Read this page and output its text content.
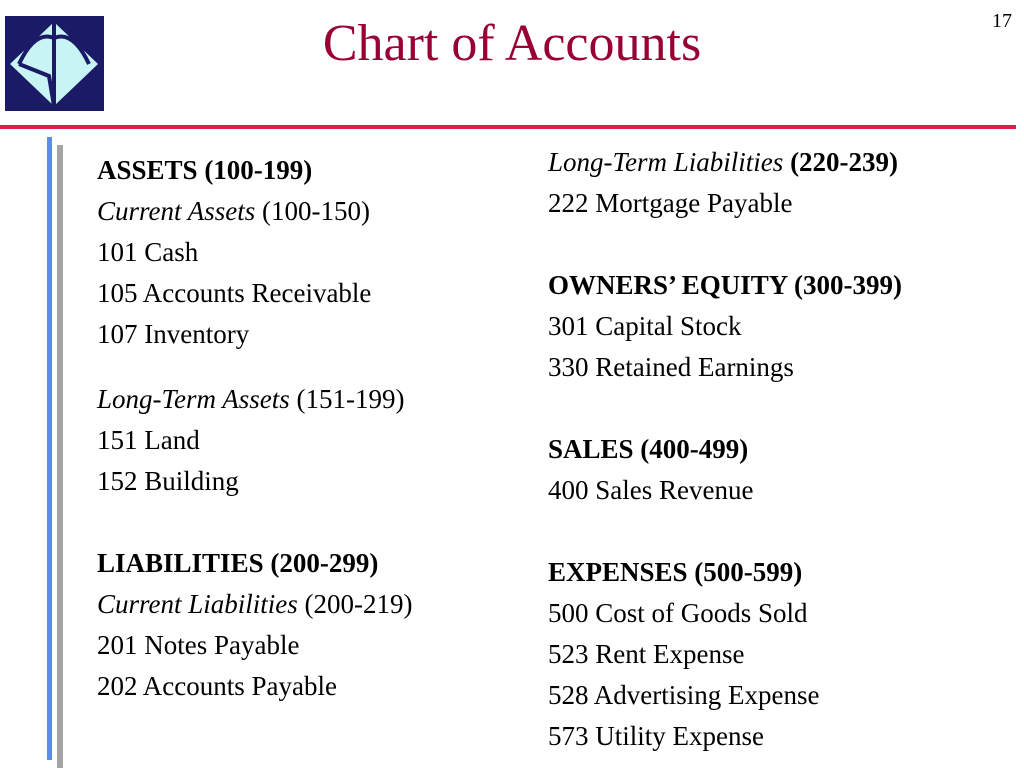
Chart of Accounts	17
ASSETS (100-199)
Current Assets (100-150)
101 Cash
105 Accounts Receivable
107 Inventory
Long-Term Assets (151-199)
151 Land
152 Building
LIABILITIES (200-299)
Current Liabilities (200-219)
201 Notes Payable
202 Accounts Payable
Long-Term Liabilities (220-239)
222 Mortgage Payable
OWNERS’ EQUITY (300-399)
301 Capital Stock
330 Retained Earnings
SALES (400-499)
400 Sales Revenue
EXPENSES (500-599)
500 Cost of Goods Sold
523 Rent Expense
528 Advertising Expense
573 Utility Expense
